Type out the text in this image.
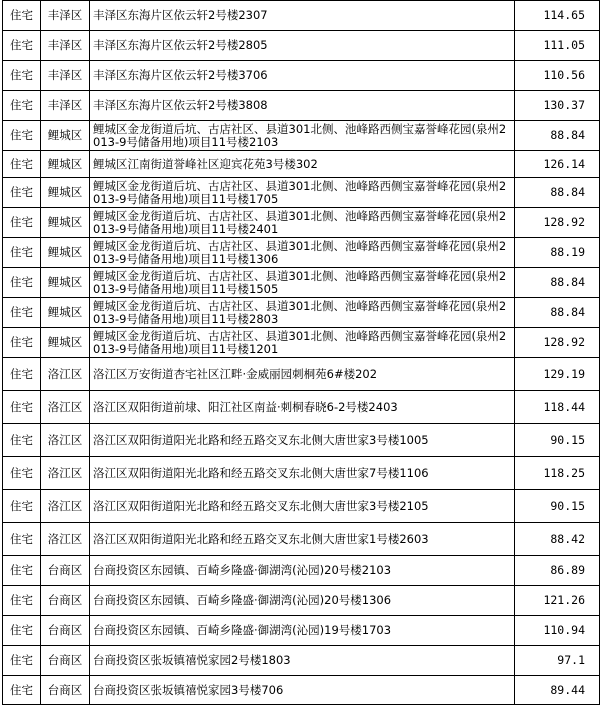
住宅	丰泽区	丰泽区东海片区依云轩2号楼2307	114.65
住宅	丰泽区	丰泽区东海片区依云轩2号楼2805	111.05
住宅	丰泽区	丰泽区东海片区依云轩2号楼3706	110.56
住宅	丰泽区	丰泽区东海片区依云轩2号楼3808	130.37
住宅	鲤城区	鲤城区金龙街道后坑、古店社区、县道301北侧、池峰路西侧宝嘉誉峰花园(泉州2013-9号储备用地)项目11号楼2103	88.84
住宅	鲤城区	鲤城区江南街道誉峰社区迎宾花苑3号楼302	126.14
住宅	鲤城区	鲤城区金龙街道后坑、古店社区、县道301北侧、池峰路西侧宝嘉誉峰花园(泉州2013-9号储备用地)项目11号楼1705	88.84
住宅	鲤城区	鲤城区金龙街道后坑、古店社区、县道301北侧、池峰路西侧宝嘉誉峰花园(泉州2013-9号储备用地)项目11号楼2401	128.92
住宅	鲤城区	鲤城区金龙街道后坑、古店社区、县道301北侧、池峰路西侧宝嘉誉峰花园(泉州2013-9号储备用地)项目11号楼1306	88.19
住宅	鲤城区	鲤城区金龙街道后坑、古店社区、县道301北侧、池峰路西侧宝嘉誉峰花园(泉州2013-9号储备用地)项目11号楼1505	88.84
住宅	鲤城区	鲤城区金龙街道后坑、古店社区、县道301北侧、池峰路西侧宝嘉誉峰花园(泉州2013-9号储备用地)项目11号楼2803	88.84
住宅	鲤城区	鲤城区金龙街道后坑、古店社区、县道301北侧、池峰路西侧宝嘉誉峰花园(泉州2013-9号储备用地)项目11号楼1201	128.92
住宅	洛江区	洛江区万安街道杏宅社区江畔·金威丽园刺桐苑6#楼202	129.19
住宅	洛江区	洛江区双阳街道前埭、阳江社区南益·刺桐春晓6-2号楼2403	118.44
住宅	洛江区	洛江区双阳街道阳光北路和经五路交叉东北侧大唐世家3号楼1005	90.15
住宅	洛江区	洛江区双阳街道阳光北路和经五路交叉东北侧大唐世家7号楼1106	118.25
住宅	洛江区	洛江区双阳街道阳光北路和经五路交叉东北侧大唐世家3号楼2105	90.15
住宅	洛江区	洛江区双阳街道阳光北路和经五路交叉东北侧大唐世家1号楼2603	88.42
住宅	台商区	台商投资区东园镇、百崎乡隆盛·御湖湾(沁园)20号楼2103	86.89
住宅	台商区	台商投资区东园镇、百崎乡隆盛·御湖湾(沁园)20号楼1306	121.26
住宅	台商区	台商投资区东园镇、百崎乡隆盛·御湖湾(沁园)19号楼1703	110.94
住宅	台商区	台商投资区张坂镇禧悦家园2号楼1803	97.1
住宅	台商区	台商投资区张坂镇禧悦家园3号楼706	89.44
